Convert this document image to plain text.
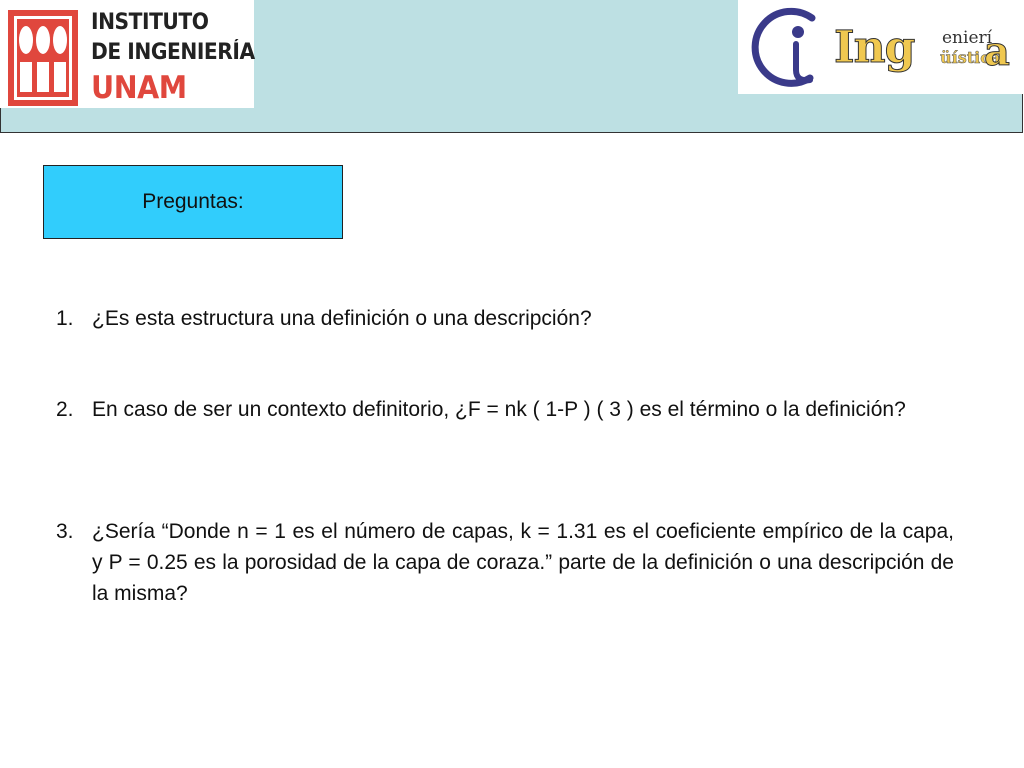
INSTITUTO
DE INGENIERÍA
UNAM
Ing enierí
üística
a
Preguntas:
1. ¿Es esta estructura una definición o una descripción?
2. En caso de ser un contexto definitorio, ¿F = nk ( 1-P ) ( 3 ) es el término o la definición?
3. ¿Sería “Donde n = 1 es el número de capas, k = 1.31 es el coeficiente empírico de la capa, y P = 0.25 es la porosidad de la capa de coraza.” parte de la definición o una descripción de la misma?
